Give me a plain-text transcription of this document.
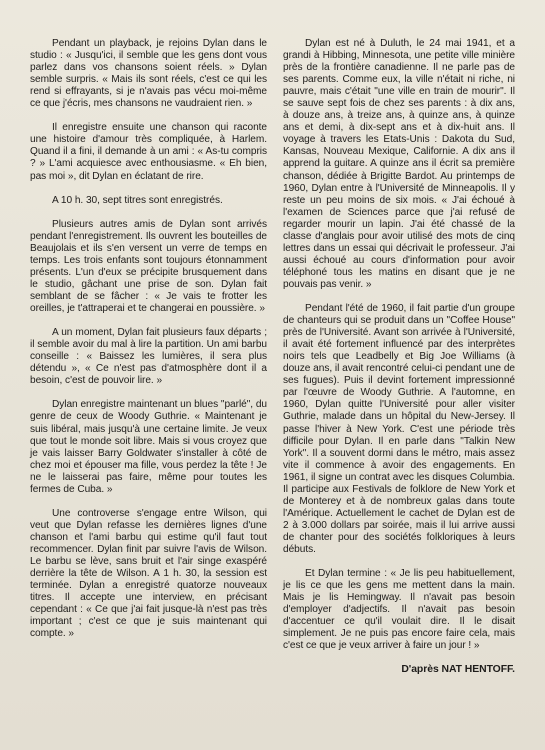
Pendant un playback, je rejoins Dylan dans le studio : « Jusqu'ici, il semble que les gens dont vous parlez dans vos chansons soient réels. » Dylan semble surpris. « Mais ils sont réels, c'est ce qui les rend si effrayants, si je n'avais pas vécu moi-même ce que j'écris, mes chansons ne vaudraient rien. »

Il enregistre ensuite une chanson qui raconte une histoire d'amour très compliquée, à Harlem. Quand il a fini, il demande à un ami : « As-tu compris ? » L'ami acquiesce avec enthousiasme. « Eh bien, pas moi », dit Dylan en éclatant de rire.

A 10 h. 30, sept titres sont enregistrés.

Plusieurs autres amis de Dylan sont arrivés pendant l'enregistrement. Ils ouvrent les bouteilles de Beaujolais et ils s'en versent un verre de temps en temps. Les trois enfants sont toujours étonnamment présents. L'un d'eux se précipite brusquement dans le studio, gâchant une prise de son. Dylan fait semblant de se fâcher : « Je vais te frotter les oreilles, je t'attraperai et te changerai en poussière. »

A un moment, Dylan fait plusieurs faux départs ; il semble avoir du mal à lire la partition. Un ami barbu conseille : « Baissez les lumières, il sera plus détendu », « Ce n'est pas d'atmosphère dont il a besoin, c'est de pouvoir lire. »

Dylan enregistre maintenant un blues "parlé", du genre de ceux de Woody Guthrie. « Maintenant je suis libéral, mais jusqu'à une certaine limite. Je veux que tout le monde soit libre. Mais si vous croyez que je vais laisser Barry Goldwater s'installer à côté de chez moi et épouser ma fille, vous perdez la tête ! Je ne le laisserai pas faire, même pour toutes les fermes de Cuba. »

Une controverse s'engage entre Wilson, qui veut que Dylan refasse les dernières lignes d'une chanson et l'ami barbu qui estime qu'il faut tout recommencer. Dylan finit par suivre l'avis de Wilson. Le barbu se lève, sans bruit et l'air singe exaspéré derrière la tête de Wilson. A 1 h. 30, la session est terminée. Dylan a enregistré quatorze nouveaux titres. Il accepte une interview, en précisant cependant : « Ce que j'ai fait jusque-là n'est pas très important ; c'est ce que je suis maintenant qui compte. »

Dylan est né à Duluth, le 24 mai 1941, et a grandi à Hibbing, Minnesota, une petite ville minière près de la frontière canadienne. Il ne parle pas de ses parents. Comme eux, la ville n'était ni riche, ni pauvre, mais c'était "une ville en train de mourir". Il se sauve sept fois de chez ses parents : à dix ans, à douze ans, à treize ans, à quinze ans, à quinze ans et demi, à dix-sept ans et à dix-huit ans. Il voyage à travers les Etats-Unis : Dakota du Sud, Kansas, Nouveau Mexique, Californie. A dix ans il apprend la guitare. A quinze ans il écrit sa première chanson, dédiée à Brigitte Bardot. Au printemps de 1960, Dylan entre à l'Université de Minneapolis. Il y reste un peu moins de six mois. « J'ai échoué à l'examen de Sciences parce que j'ai refusé de regarder mourir un lapin. J'ai été chassé de la classe d'anglais pour avoir utilisé des mots de cinq lettres dans un essai qui décrivait le professeur. J'ai aussi échoué au cours d'information pour avoir téléphoné tous les matins en disant que je ne pouvais pas venir. »

Pendant l'été de 1960, il fait partie d'un groupe de chanteurs qui se produit dans un "Coffee House" près de l'Université. Avant son arrivée à l'Université, il avait été fortement influencé par des interprètes noirs tels que Leadbelly et Big Joe Williams (à douze ans, il avait rencontré celui-ci pendant une de ses fugues). Puis il devint fortement impressionné par l'œuvre de Woody Guthrie. A l'automne, en 1960, Dylan quitte l'Université pour aller visiter Guthrie, malade dans un hôpital du New-Jersey. Il passe l'hiver à New York. C'est une période très difficile pour Dylan. Il en parle dans "Talkin New York". Il a souvent dormi dans le métro, mais assez vite il commence à avoir des engagements. En 1961, il signe un contrat avec les disques Columbia. Il participe aux Festivals de folklore de New York et de Monterey et à de nombreux galas dans toute l'Amérique. Actuellement le cachet de Dylan est de 2 à 3.000 dollars par soirée, mais il lui arrive aussi de chanter pour des sociétés folkloriques à leurs débuts.

Et Dylan termine : « Je lis peu habituellement, je lis ce que les gens me mettent dans la main. Mais je lis Hemingway. Il n'avait pas besoin d'employer d'adjectifs. Il n'avait pas besoin d'accentuer ce qu'il voulait dire. Il le disait simplement. Je ne puis pas encore faire cela, mais c'est ce que je veux arriver à faire un jour ! »

D'après NAT HENTOFF.
